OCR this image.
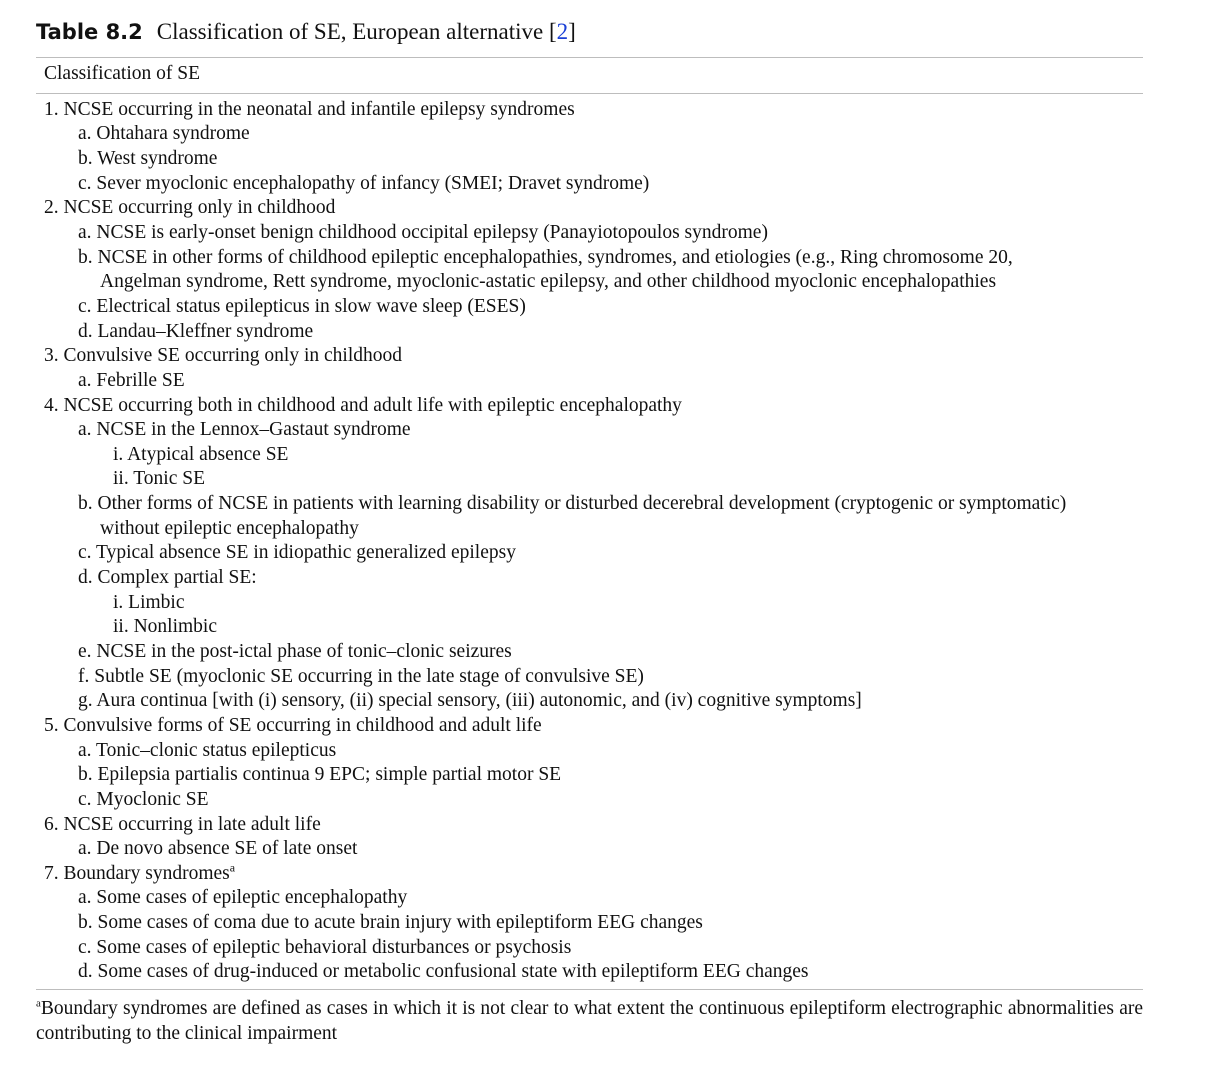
Table 8.2 Classification of SE, European alternative [2]
Classification of SE
1. NCSE occurring in the neonatal and infantile epilepsy syndromes
a. Ohtahara syndrome
b. West syndrome
c. Sever myoclonic encephalopathy of infancy (SMEI; Dravet syndrome)
2. NCSE occurring only in childhood
a. NCSE is early-onset benign childhood occipital epilepsy (Panayiotopoulos syndrome)
b. NCSE in other forms of childhood epileptic encephalopathies, syndromes, and etiologies (e.g., Ring chromosome 20,
Angelman syndrome, Rett syndrome, myoclonic-astatic epilepsy, and other childhood myoclonic encephalopathies
c. Electrical status epilepticus in slow wave sleep (ESES)
d. Landau–Kleffner syndrome
3. Convulsive SE occurring only in childhood
a. Febrille SE
4. NCSE occurring both in childhood and adult life with epileptic encephalopathy
a. NCSE in the Lennox–Gastaut syndrome
i. Atypical absence SE
ii. Tonic SE
b. Other forms of NCSE in patients with learning disability or disturbed decerebral development (cryptogenic or symptomatic)
without epileptic encephalopathy
c. Typical absence SE in idiopathic generalized epilepsy
d. Complex partial SE:
i. Limbic
ii. Nonlimbic
e. NCSE in the post-ictal phase of tonic–clonic seizures
f. Subtle SE (myoclonic SE occurring in the late stage of convulsive SE)
g. Aura continua [with (i) sensory, (ii) special sensory, (iii) autonomic, and (iv) cognitive symptoms]
5. Convulsive forms of SE occurring in childhood and adult life
a. Tonic–clonic status epilepticus
b. Epilepsia partialis continua 9 EPC; simple partial motor SE
c. Myoclonic SE
6. NCSE occurring in late adult life
a. De novo absence SE of late onset
7. Boundary syndromes$^a$
a. Some cases of epileptic encephalopathy
b. Some cases of coma due to acute brain injury with epileptiform EEG changes
c. Some cases of epileptic behavioral disturbances or psychosis
d. Some cases of drug-induced or metabolic confusional state with epileptiform EEG changes
$^a$Boundary syndromes are defined as cases in which it is not clear to what extent the continuous epileptiform electrographic abnormalities are contributing to the clinical impairment
